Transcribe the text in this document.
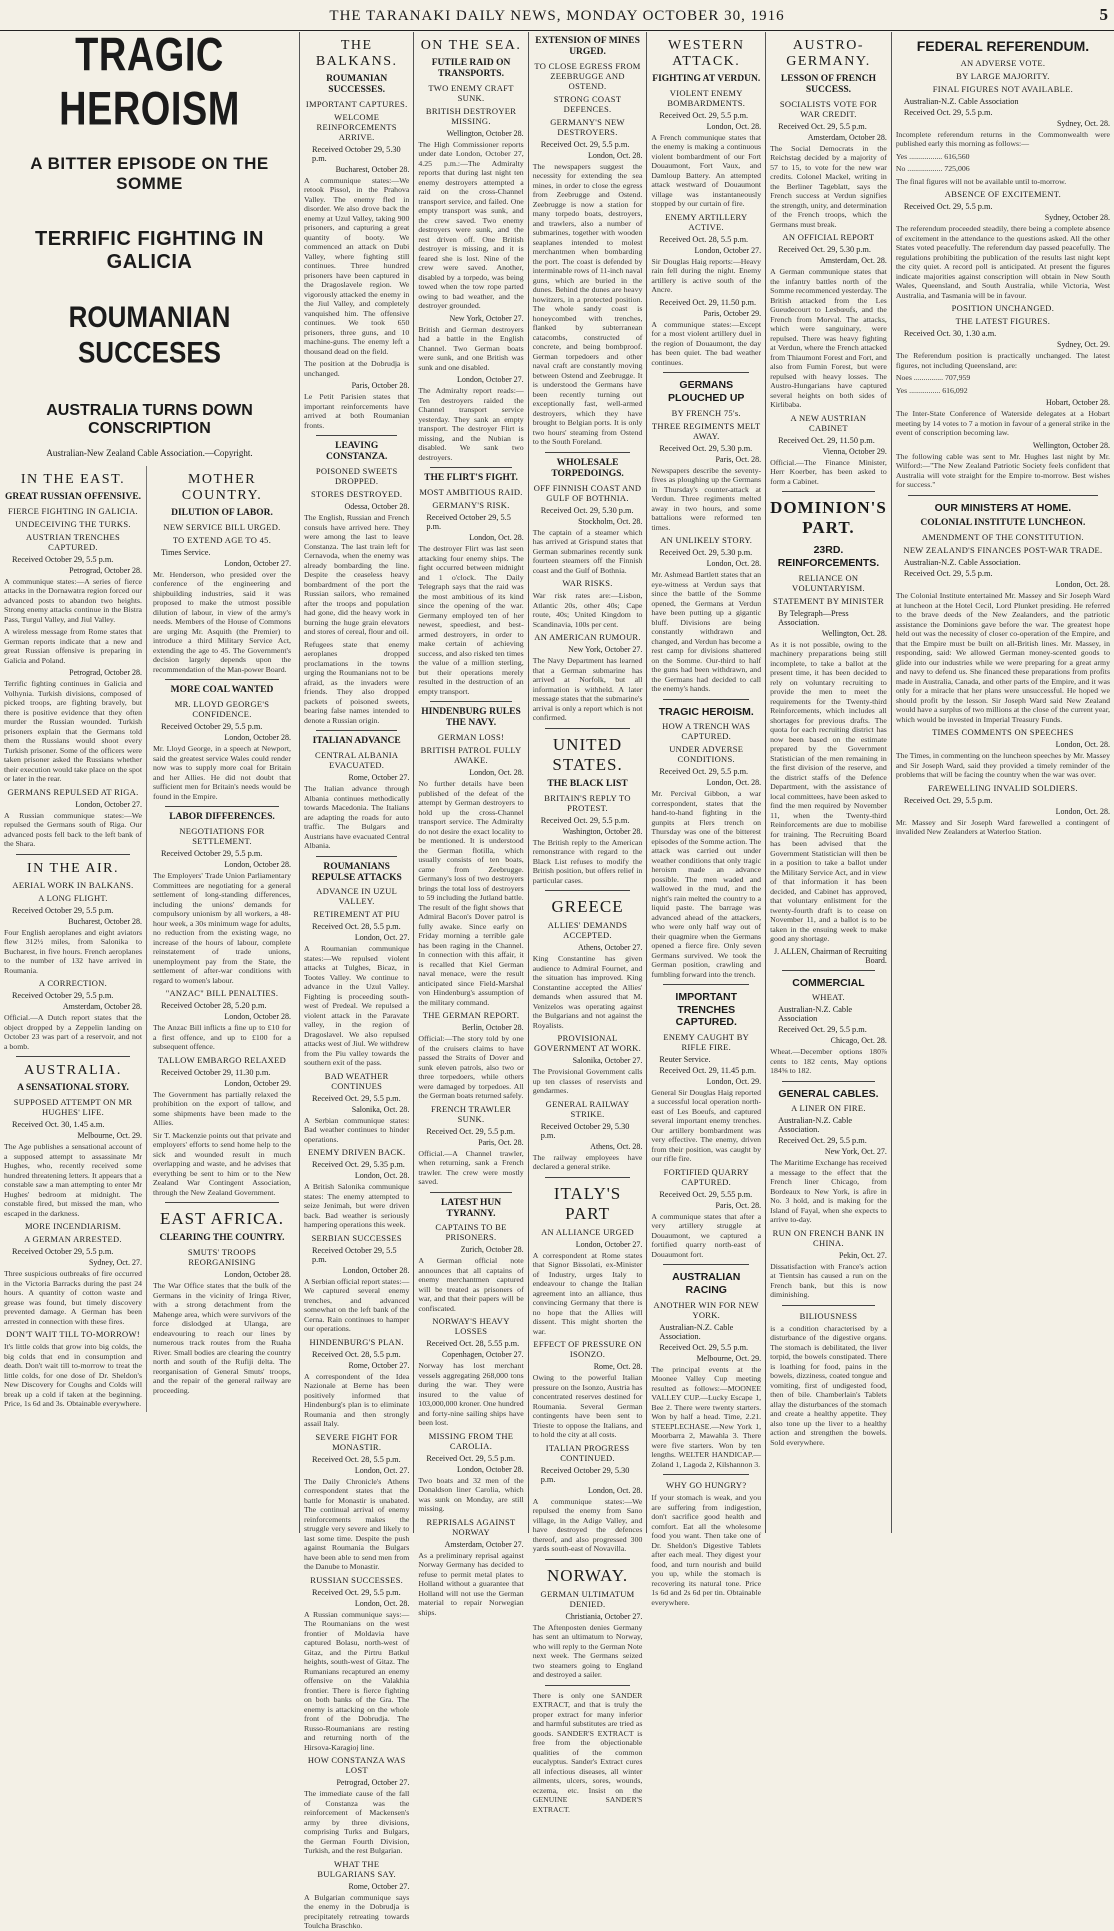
THE TARANAKI DAILY NEWS, MONDAY OCTOBER 30, 1916	5
TRAGIC HEROISM
A BITTER EPISODE ON THE SOMME
TERRIFIC FIGHTING IN GALICIA
ROUMANIAN SUCCESES
AUSTRALIA TURNS DOWN CONSCRIPTION
Australian-New Zealand Cable Association.—Copyright.
IN THE EAST.
GREAT RUSSIAN OFFENSIVE.
FIERCE FIGHTING IN GALICIA.
UNDECEIVING THE TURKS.
AUSTRIAN TRENCHES CAPTURED.
Received October 29, 5.5 p.m.
Petrograd, October 28.

A communique states:—A series of fierce attacks in the Dornawatra region forced our advanced posts to abandon two heights. Strong enemy attacks continue in the Bistra Pass, Turgul Valley, and Jiul Valley.

A wireless message from Rome states that German reports indicate that a new and great Russian offensive is preparing in Galicia and Poland.

Petrograd, October 28.

Terrific fighting continues in Galicia and Volhynia. Turkish divisions, composed of picked troops, are fighting bravely, but there is positive evidence that they often murder the Russian wounded. Turkish prisoners explain that the Germans told them the Russians would shoot every Turkish prisoner. Some of the officers were taken prisoner asked the Russians whether their execution would take place on the spot or later in the rear.

GERMANS REPULSED AT RIGA.
London, October 27.

A Russian communique states:—We repulsed the Germans south of Riga. Our advanced posts fell back to the left bank of the Shara.

IN THE AIR.
AERIAL WORK IN BALKANS.
A LONG FLIGHT.
Received October 29, 5.5 p.m.
Bucharest, October 28.

Four English aeroplanes and eight aviators flew 312½ miles, from Salonika to Bucharest, in five hours. French aeroplanes to the number of 132 have arrived in Roumania.

A CORRECTION.
Received October 29, 5.5 p.m.
Amsterdam, October 28.

Official.—A Dutch report states that the object dropped by a Zeppelin landing on October 23 was part of a reservoir, and not a bomb.

AUSTRALIA.
A SENSATIONAL STORY.
SUPPOSED ATTEMPT ON MR HUGHES' LIFE.
Received Oct. 30, 1.45 a.m.
Melbourne, Oct. 29.

The Age publishes a sensational account of a supposed attempt to assassinate Mr Hughes, who, recently received some hundred threatening letters. It appears that a constable saw a man attempting to enter Mr Hughes' bedroom at midnight. The constable fired, but missed the man, who escaped in the darkness.

MORE INCENDIARISM.
A GERMAN ARRESTED.
Received October 29, 5.5 p.m.
Sydney, Oct. 27.

Three suspicious outbreaks of fire occurred in the Victoria Barracks during the past 24 hours. A quantity of cotton waste and grease was found, but timely discovery prevented damage. A German has been arrested in connection with these fires.

DON'T WAIT TILL TO-MORROW!

It's little colds that grow into big colds, the big colds that end in consumption and death. Don't wait till to-morrow to treat the little colds, for one dose of Dr. Sheldon's New Discovery for Coughs and Colds will break up a cold if taken at the beginning. Price, 1s 6d and 3s. Obtainable everywhere.

MOTHER COUNTRY.
DILUTION OF LABOR.
NEW SERVICE BILL URGED.
TO EXTEND AGE TO 45.
Times Service.
London, October 27.

Mr. Henderson, who presided over the conference of the engineering and shipbuilding industries, said it was proposed to make the utmost possible dilution of labour, in view of the army's needs. Members of the House of Commons are urging Mr. Asquith (the Premier) to introduce a third Military Service Act, extending the age to 45. The Government's decision largely depends upon the recommendation of the Man-power Board.

MORE COAL WANTED
MR. LLOYD GEORGE'S CONFIDENCE.
Received October 29, 5.5 p.m.
London, October 28.

Mr. Lloyd George, in a speech at Newport, said the greatest service Wales could render now was to supply more coal for Britain and her Allies. He did not doubt that sufficient men for Britain's needs would be found in the Empire.

LABOR DIFFERENCES.
NEGOTIATIONS FOR SETTLEMENT.
Received October 29, 5.5 p.m.
London, October 28.

The Employers' Trade Union Parliamentary Committees are negotiating for a general settlement of long-standing differences, including the unions' demands for compulsory unionism by all workers, a 48-hour week, a 30s minimum wage for adults, no reduction from the existing wage, no increase of the hours of labour, complete reinstatement of trade unions, unemployment pay from the State, the settlement of after-war conditions with regard to women's labour.

"ANZAC" BILL PENALTIES.
Received October 28, 5.20 p.m.
London, October 28.

The Anzac Bill inflicts a fine up to £10 for a first offence, and up to £100 for a subsequent offence.

TALLOW EMBARGO RELAXED
Received October 29, 11.30 p.m.
London, October 29.

The Government has partially relaxed the prohibition on the export of tallow, and some shipments have been made to the Allies.

Sir T. Mackenzie points out that private and employers' efforts to send home help to the sick and wounded result in much overlapping and waste, and he advises that everything be sent to him or to the New Zealand War Contingent Association, through the New Zealand Government.

EAST AFRICA.
CLEARING THE COUNTRY.
SMUTS' TROOPS REORGANISING
London, October 28.

The War Office states that the bulk of the Germans in the vicinity of Iringa River, with a strong detachment from the Mahenge area, which were survivors of the force dislodged at Ulanga, are endeavouring to reach our lines by numerous track routes from the Ruaha River. Small bodies are clearing the country north and south of the Rufiji delta. The reorganisation of General Smuts' troops, and the repair of the general railway are proceeding.

THE BALKANS.
ROUMANIAN SUCCESSES.
IMPORTANT CAPTURES.
WELCOME REINFORCEMENTS ARRIVE.
Received October 29, 5.30 p.m.
Bucharest, October 28.

A communique states:—We retook Pissol, in the Prahova Valley. The enemy fled in disorder. We also drove back the enemy at Uzul Valley, taking 900 prisoners, and capturing a great quantity of booty. We commenced an attack on Dubi Valley, where fighting still continues. Three hundred prisoners have been captured in the Dragoslavele region. We vigorously attacked the enemy in the Jiul Valley, and completely vanquished him. The offensive continues. We took 650 prisoners, three guns, and 10 machine-guns. The enemy left a thousand dead on the field.

The position at the Dobrudja is unchanged.

Paris, October 28.

Le Petit Parisien states that important reinforcements have arrived at both Roumanian fronts.

LEAVING CONSTANZA.
POISONED SWEETS DROPPED.
STORES DESTROYED.
Odessa, October 28.

The English, Russian and French consuls have arrived here. They were among the last to leave Constanza. The last train left for Cernavoda, when the enemy was already bombarding the line. Despite the ceaseless heavy bombardment of the port the Russian sailors, who remained after the troops and population had gone, did the heavy work in burning the huge grain elevators and stores of cereal, flour and oil.

Refugees state that enemy aeroplanes dropped proclamations in the towns urging the Roumanians not to be afraid, as the invaders were friends. They also dropped packets of poisoned sweets, bearing false names intended to denote a Russian origin.

ITALIAN ADVANCE
CENTRAL ALBANIA EVACUATED.
Rome, October 27.

The Italian advance through Albania continues methodically towards Macedonia. The Italians are adapting the roads for auto traffic. The Bulgars and Austrians have evacuated Central Albania.

ROUMANIANS REPULSE ATTACKS
ADVANCE IN UZUL VALLEY.
RETIREMENT AT PIU
Received Oct. 28, 5.5 p.m.
London, Oct. 27.

A Roumanian communique states:—We repulsed violent attacks at Tulghes, Bicaz, in Tootes Valley. We continue to advance in the Uzul Valley. Fighting is proceeding south-west of Predeal. We repulsed a violent attack in the Paravate valley, in the region of Dragoslavel. We also repulsed attacks west of Jiul. We withdrew from the Piu valley towards the southern exit of the pass.

BAD WEATHER CONTINUES
Received Oct. 29, 5.5 p.m.
Salonika, Oct. 28.

A Serbian communique states: Bad weather continues to hinder operations.

ENEMY DRIVEN BACK.
Received Oct. 29, 5.35 p.m.
London, Oct. 28.

A British Salonika communique states: The enemy attempted to seize Jenimah, but were driven back. Bad weather is seriously hampering operations this week.

SERBIAN SUCCESSES
Received October 29, 5.5 p.m.
London, October 28.

A Serbian official report states:—We captured several enemy trenches, and advanced somewhat on the left bank of the Cerna. Rain continues to hamper our operations.

HINDENBURG'S PLAN.
Received Oct. 28, 5.5 p.m.
Rome, October 27.

A correspondent of the Idea Nazionale at Berne has been positively informed that Hindenburg's plan is to eliminate Roumania and then strongly assail Italy.

SEVERE FIGHT FOR MONASTIR.
Received Oct. 28, 5.5 p.m.
London, Oct. 27.

The Daily Chronicle's Athens correspondent states that the battle for Monastir is unabated. The continual arrival of enemy reinforcements makes the struggle very severe and likely to last some time. Despite the push against Roumania the Bulgars have been able to send men from the Danube to Monastir.

RUSSIAN SUCCESSES.
Received Oct. 29, 5.5 p.m.
London, Oct. 28.

A Russian communique says:—The Roumanians on the west frontier of Moldavia have captured Bolasu, north-west of Gitaz, and the Pirtru Batkul heights, south-west of Gitaz. The Rumanians recaptured an enemy offensive on the Valakhia frontier. There is fierce fighting on both banks of the Gra. The enemy is attacking on the whole front of the Dobrudja. The Russo-Roumanians are resting and returning north of the Hirsova-Karagioj line.

HOW CONSTANZA WAS LOST
Petrograd, October 27.

The immediate cause of the fall of Constanza was the reinforcement of Mackensen's army by three divisions, comprising Turks and Bulgars, the German Fourth Division, Turkish, and the rest Bulgarian.

WHAT THE BULGARIANS SAY.
Rome, October 27.

A Bulgarian communique says the enemy in the Dobrudja is precipitately retreating towards Toulcha Braschko.

ON THE SEA.
FUTILE RAID ON TRANSPORTS.
TWO ENEMY CRAFT SUNK.
BRITISH DESTROYER MISSING.
Wellington, October 28.

The High Commissioner reports under date London, October 27, 4.25 p.m.:—The Admiralty reports that during last night ten enemy destroyers attempted a raid on the cross-Channel transport service, and failed. One empty transport was sunk, and the crew saved. Two enemy destroyers were sunk, and the rest driven off. One British destroyer is missing, and it is feared she is lost. Nine of the crew were saved. Another, disabled by a torpedo, was being towed when the tow rope parted owing to bad weather, and the destroyer grounded.

New York, October 27.

British and German destroyers had a battle in the English Channel. Two German boats were sunk, and one British was sunk and one disabled.

London, October 27.

The Admiralty report reads:—Ten destroyers raided the Channel transport service yesterday. They sank an empty transport. The destroyer Flirt is missing, and the Nubian is disabled. We sank two destroyers.

THE FLIRT'S FIGHT.
MOST AMBITIOUS RAID.
GERMANY'S RISK.
Received October 29, 5.5 p.m.
London, Oct. 28.

The destroyer Flirt was last seen attacking four enemy ships. The fight occurred between midnight and 1 o'clock. The Daily Telegraph says that the raid was the most ambitious of its kind since the opening of the war. Germany employed ten of her newest, speediest, and best-armed destroyers, in order to make certain of achieving success, and also risked ten times the value of a million sterling, but their operations merely resulted in the destruction of an empty transport.

HINDENBURG RULES THE NAVY.
GERMAN LOSS!
BRITISH PATROL FULLY AWAKE.
London, Oct. 28.

No further details have been published of the defeat of the attempt by German destroyers to hold up the cross-Channel transport service. The Admiralty do not desire the exact locality to be mentioned. It is understood the German flotilla, which usually consists of ten boats, came from Zeebrugge. Germany's loss of two destroyers brings the total loss of destroyers to 59 including the Jutland battle. The result of the fight shows that Admiral Bacon's Dover patrol is fully awake. Since early on Friday morning a terrible gale has been raging in the Channel. In connection with this affair, it is recalled that Kiel German naval menace, were the result anticipated since Field-Marshal von Hindenburg's assumption of the military command.

THE GERMAN REPORT.
Berlin, October 28.

Official:—The story told by one of the cruisers claims to have passed the Straits of Dover and sunk eleven patrols, also two or three torpedoers, while others were damaged by torpedoes. All the German boats returned safely.

FRENCH TRAWLER SUNK.
Received Oct. 29, 5.5 p.m.
Paris, Oct. 28.

Official.—A Channel trawler, when returning, sank a French trawler. The crew were mostly saved.

LATEST HUN TYRANNY.
CAPTAINS TO BE PRISONERS.
Zurich, October 28.

A German official note announces that all captains of enemy merchantmen captured will be treated as prisoners of war, and that their papers will be confiscated.

NORWAY'S HEAVY LOSSES
Received Oct. 28, 5.55 p.m.
Copenhagen, October 27.

Norway has lost merchant vessels aggregating 268,000 tons during the war. They were insured to the value of 103,000,000 kroner. One hundred and forty-nine sailing ships have been lost.

MISSING FROM THE CAROLIA.
Received Oct. 29, 5.5 p.m.
London, October 28.

Two boats and 32 men of the Donaldson liner Carolia, which was sunk on Monday, are still missing.

REPRISALS AGAINST NORWAY
Amsterdam, October 27.

As a preliminary reprisal against Norway Germany has decided to refuse to permit metal plates to Holland without a guarantee that Holland will not use the German material to repair Norwegian ships.

EXTENSION OF MINES URGED.
TO CLOSE EGRESS FROM ZEEBRUGGE AND OSTEND.
STRONG COAST DEFENCES.
GERMANY'S NEW DESTROYERS.
Received Oct. 29, 5.5 p.m.
London, Oct. 28.

The newspapers suggest the necessity for extending the sea mines, in order to close the egress from Zeebrugge and Ostend. Zeebrugge is now a station for many torpedo boats, destroyers, and trawlers, also a number of submarines, together with wooden seaplanes intended to molest merchantmen when bombarding the port. The coast is defended by interminable rows of 11-inch naval guns, which are buried in the dunes. Behind the dunes are heavy howitzers, in a protected position. The whole sandy coast is honeycombed with trenches, flanked by subterranean catacombs, constructed of concrete, and being bombproof. German torpedoers and other naval craft are constantly moving between Ostend and Zeebrugge. It is understood the Germans have been recently turning out exceptionally fast, well-armed destroyers, which they have brought to Belgian ports. It is only two hours' steaming from Ostend to the South Foreland.

WHOLESALE TORPEDOINGS.
OFF FINNISH COAST AND GULF OF BOTHNIA.
Received Oct. 29, 5.30 p.m.
Stockholm, Oct. 28.

The captain of a steamer which has arrived at Grispund states that German submarines recently sunk fourteen steamers off the Finnish coast and the Gulf of Bothnia.

WAR RISKS.

War risk rates are:—Lisbon, Atlantic 20s, other 40s; Cape route, 40s; United Kingdom to Scandinavia, 100s per cent.

AN AMERICAN RUMOUR.
New York, October 27.

The Navy Department has learned that a German submarine has arrived at Norfolk, but all information is withheld. A later message states that the submarine's arrival is only a report which is not confirmed.

UNITED STATES.
THE BLACK LIST
BRITAIN'S REPLY TO PROTEST.
Received Oct. 29, 5.5 p.m.
Washington, October 28.

The British reply to the American remonstrance with regard to the Black List refuses to modify the British position, but offers relief in particular cases.

GREECE
ALLIES' DEMANDS ACCEPTED.
Athens, October 27.

King Constantine has given audience to Admiral Fournet, and the situation has improved. King Constantine accepted the Allies' demands when assured that M. Venizelos was operating against the Bulgarians and not against the Royalists.

PROVISIONAL GOVERNMENT AT WORK.
Salonika, October 27.

The Provisional Government calls up ten classes of reservists and gendarmes.

GENERAL RAILWAY STRIKE.
Received October 29, 5.30 p.m.
Athens, Oct. 28.

The railway employees have declared a general strike.

ITALY'S PART
AN ALLIANCE URGED
London, October 27.

A correspondent at Rome states that Signor Bissolati, ex-Minister of Industry, urges Italy to endeavour to change the Italian agreement into an alliance, thus convincing Germany that there is no hope that the Allies will dissent. This might shorten the war.

EFFECT OF PRESSURE ON ISONZO.
Rome, Oct. 28.

Owing to the powerful Italian pressure on the Isonzo, Austria has concentrated reserves destined for Roumania. Several German contingents have been sent to Trieste to oppose the Italians, and to hold the city at all costs.

ITALIAN PROGRESS CONTINUED.
Received October 29, 5.30 p.m.
London, Oct. 28.

A communique states:—We repulsed the enemy from Sano village, in the Adige Valley, and have destroyed the defences thereof, and also progressed 300 yards south-east of Novavilla.

NORWAY.
GERMAN ULTIMATUM DENIED.
Christiania, October 27.

The Aftenposten denies Germany has sent an ultimatum to Norway, who will reply to the German Note next week. The Germans seized two steamers going to England and destroyed a sailer.

There is only one SANDER EXTRACT, and that is truly the proper extract for many inferior and harmful substitutes are tried as goods. SANDER'S EXTRACT is free from the objectionable qualities of the common eucalyptus. Sander's Extract cures all infectious diseases, all winter ailments, ulcers, sores, wounds, eczema, etc. Insist on the GENUINE SANDER'S EXTRACT.

WESTERN ATTACK.
FIGHTING AT VERDUN.
VIOLENT ENEMY BOMBARDMENTS.
Received Oct. 29, 5.5 p.m.
London, Oct. 28.

A French communique states that the enemy is making a continuous violent bombardment of our Fort Douaumont, Fort Vaux, and Damloup Battery. An attempted attack westward of Douaumont village was instantaneously stopped by our curtain of fire.

ENEMY ARTILLERY ACTIVE.
Received Oct. 28, 5.5 p.m.
London, October 27.

Sir Douglas Haig reports:—Heavy rain fell during the night. Enemy artillery is active south of the Ancre.

Received Oct. 29, 11.50 p.m.
Paris, October 29.

A communique states:—Except for a most violent artillery duel in the region of Douaumont, the day has been quiet. The bad weather continues.

GERMANS PLOUCHED UP
BY FRENCH 75's.
THREE REGIMENTS MELT AWAY.
Received Oct. 29, 5.30 p.m.
Paris, Oct. 28.

Newspapers describe the seventy-fives as ploughing up the Germans in Thursday's counter-attack at Verdun. Three regiments melted away in two hours, and some battalions were reformed ten times.

AN UNLIKELY STORY.
Received Oct. 29, 5.30 p.m.
London, Oct. 28.

Mr. Ashmead Bartlett states that an eye-witness at Verdun says that since the battle of the Somme opened, the Germans at Verdun have been putting up a gigantic bluff. Divisions are being constantly withdrawn and changed, and Verdun has become a rest camp for divisions shattered on the Somme. Our-third to half the guns had been withdrawn, and the Germans had decided to call the enemy's hands.

TRAGIC HEROISM.
HOW A TRENCH WAS CAPTURED.
UNDER ADVERSE CONDITIONS.
Received Oct. 29, 5.5 p.m.
London, Oct. 28.

Mr. Percival Gibbon, a war correspondent, states that the hand-to-hand fighting in the gunpits at Flers trench on Thursday was one of the bitterest episodes of the Somme action. The attack was carried out under weather conditions that only tragic heroism made an advance possible. The men waded and wallowed in the mud, and the night's rain melted the country to a liquid paste. The barrage was advanced ahead of the attackers, who were only half way out of their quagmire when the Germans opened a fierce fire. Only seven Germans survived. We took the German position, crawling and fumbling forward into the trench.

IMPORTANT TRENCHES CAPTURED.
ENEMY CAUGHT BY RIFLE FIRE.
Reuter Service.
Received Oct. 29, 11.45 p.m.
London, Oct. 29.

General Sir Douglas Haig reported a successful local operation north-east of Les Boeufs, and captured several important enemy trenches. Our artillery bombardment was very effective. The enemy, driven from their position, was caught by our rifle fire.

FORTIFIED QUARRY CAPTURED.
Received Oct. 29, 5.55 p.m.
Paris, Oct. 28.

A communique states that after a very artillery struggle at Douaumont, we captured a fortified quarry north-east of Douaumont fort.

AUSTRALIAN RACING
ANOTHER WIN FOR NEW YORK.
Australian-N.Z. Cable Association.
Received Oct. 29, 5.5 p.m.
Melbourne, Oct. 29.

The principal events at the Moonee Valley Cup meeting resulted as follows:—MOONEE VALLEY CUP.—Lucky Escape 1, Bee 2. There were twenty starters. Won by half a head. Time, 2.21. STEEPLECHASE.—New York 1, Moorbarra 2, Mawahla 3. There were five starters. Won by ten lengths. WELTER HANDICAP.—Zoland 1, Lagoda 2, Kilshannon 3.

WHY GO HUNGRY?

If your stomach is weak, and you are suffering from indigestion, don't sacrifice good health and comfort. Eat all the wholesome food you want. Then take one of Dr. Sheldon's Digestive Tablets after each meal. They digest your food, and turn nourish and build you up, while the stomach is recovering its natural tone. Price 1s 6d and 2s 6d per tin. Obtainable everywhere.

AUSTRO-GERMANY.
LESSON OF FRENCH SUCCESS.
SOCIALISTS VOTE FOR WAR CREDIT.
Received Oct. 29, 5.5 p.m.
Amsterdam, October 28.

The Social Democrats in the Reichstag decided by a majority of 57 to 15, to vote for the new war credits. Colonel Mackel, writing in the Berliner Tageblatt, says the French success at Verdun signifies the strength, unity, and determination of the French troops, which the Germans must break.

AN OFFICIAL REPORT
Received Oct. 29, 5.30 p.m.
Amsterdam, Oct. 28.

A German communique states that the infantry battles north of the Somme recommenced yesterday. The British attacked from the Les Gueudecourt to Lesbœufs, and the French from Morval. The attacks, which were sanguinary, were repulsed. There was heavy fighting at Verdun, where the French attacked from Thiaumont Forest and Fort, and also from Fumin Forest, but were repulsed with heavy losses. The Austro-Hungarians have captured several heights on both sides of Kirlibaba.

A NEW AUSTRIAN CABINET
Received Oct. 29, 11.50 p.m.
Vienna, October 29.

Official.—The Finance Minister, Herr Koerber, has been asked to form a Cabinet.

DOMINION'S PART.
23RD. REINFORCEMENTS.
RELIANCE ON VOLUNTARYISM.
STATEMENT BY MINISTER
By Telegraph—Press Association.
Wellington, Oct. 28.

As it is not possible, owing to the machinery preparations being still incomplete, to take a ballot at the present time, it has been decided to rely on voluntary recruiting to provide the men to meet the requirements for the Twenty-third Reinforcements, which includes all shortages for previous drafts. The quota for each recruiting district has now been based on the estimate prepared by the Government Statistician of the men remaining in the first division of the reserve, and the district staffs of the Defence Department, with the assistance of local committees, have been asked to find the men required by November 11, when the Twenty-third Reinforcements are due to mobilise for training. The Recruiting Board has been advised that the Government Statistician will then be in a position to take a ballot under the Military Service Act, and in view of that information it has been decided, and Cabinet has approved, that voluntary enlistment for the twenty-fourth draft is to cease on November 11, and a ballot is to be taken in the ensuing week to make good any shortage.

J. ALLEN, Chairman of Recruiting Board.
COMMERCIAL
WHEAT.
Australian-N.Z. Cable Association
Received Oct. 29, 5.5 p.m.
Chicago, Oct. 28.

Wheat.—December options 180⅞ cents to 182 cents, May options 184⅝ to 182.

GENERAL CABLES.
A LINER ON FIRE.
Australian-N.Z. Cable Association.
Received Oct. 29, 5.5 p.m.
New York, Oct. 27.

The Maritime Exchange has received a message to the effect that the French liner Chicago, from Bordeaux to New York, is afire in No. 3 hold, and is making for the Island of Fayal, when she expects to arrive to-day.

RUN ON FRENCH BANK IN CHINA.
Pekin, Oct. 27.

Dissatisfaction with France's action at Tientsin has caused a run on the French bank, but this is now diminishing.

BILIOUSNESS

is a condition characterised by a disturbance of the digestive organs. The stomach is debilitated, the liver torpid, the bowels constipated. There is loathing for food, pains in the bowels, dizziness, coated tongue and vomiting, first of undigested food, then of bile. Chamberlain's Tablets allay the disturbances of the stomach and create a healthy appetite. They also tone up the liver to a healthy action and strengthen the bowels. Sold everywhere.

FEDERAL REFERENDUM.
AN ADVERSE VOTE.
BY LARGE MAJORITY.
FINAL FIGURES NOT AVAILABLE.
Australian-N.Z. Cable Association
Received Oct. 29, 5.5 p.m.
Sydney, Oct. 28.

Incomplete referendum returns in the Commonwealth were published early this morning as follows:—

Yes ................. 616,560
No .................. 725,006

The final figures will not be available until to-morrow.

ABSENCE OF EXCITEMENT.
Received Oct. 29, 5.5 p.m.
Sydney, October 28.

The referendum proceeded steadily, there being a complete absence of excitement in the attendance to the questions asked. All the other States voted peacefully. The referendum day passed peacefully. The regulations prohibiting the publication of the results last night kept the city quiet. A record poll is anticipated. At present the figures indicate majorities against conscription will obtain in New South Wales, Queensland, and South Australia, while Victoria, West Australia, and Tasmania will be in favour.

POSITION UNCHANGED.
THE LATEST FIGURES.
Received Oct. 30, 1.30 a.m.
Sydney, Oct. 29.

The Referendum position is practically unchanged. The latest figures, not including Queensland, are:

Noes ............... 707,959
Yes ................ 616,092
Hobart, October 28.

The Inter-State Conference of Waterside delegates at a Hobart meeting by 14 votes to 7 a motion in favour of a general strike in the event of conscription becoming law.

Wellington, October 28.

The following cable was sent to Mr. Hughes last night by Mr. Wilford:—"The New Zealand Patriotic Society feels confident that Australia will vote straight for the Empire to-morrow. Best wishes for success."

OUR MINISTERS AT HOME.
COLONIAL INSTITUTE LUNCHEON.
AMENDMENT OF THE CONSTITUTION.
NEW ZEALAND'S FINANCES POST-WAR TRADE.
Australian-N.Z. Cable Association.
Received Oct. 29, 5.5 p.m.
London, Oct. 28.

The Colonial Institute entertained Mr. Massey and Sir Joseph Ward at luncheon at the Hotel Cecil, Lord Plunket presiding. He referred to the brave deeds of the New Zealanders, and the patriotic assistance the Dominions gave before the war. The greatest hope held out was the necessity of closer co-operation of the Empire, and that the Empire must be built on all-British lines. Mr. Massey, in responding, said: We allowed German money-scented goods to glide into our industries while we were preparing for a great army and navy to defend us. She financed these preparations from profits made in Australia, Canada, and other parts of the Empire, and it was only for a miracle that her plans were unsuccessful. He hoped we should profit by the lesson. Sir Joseph Ward said New Zealand would have a surplus of two millions at the close of the current year, which would be invested in Imperial Treasury Funds.

TIMES COMMENTS ON SPEECHES
London, Oct. 28.

The Times, in commenting on the luncheon speeches by Mr. Massey and Sir Joseph Ward, said they provided a timely reminder of the problems that will be facing the country when the war was over.

FAREWELLING INVALID SOLDIERS.
Received Oct. 29, 5.5 p.m.
London, Oct. 28.

Mr. Massey and Sir Joseph Ward farewelled a contingent of invalided New Zealanders at Waterloo Station.
